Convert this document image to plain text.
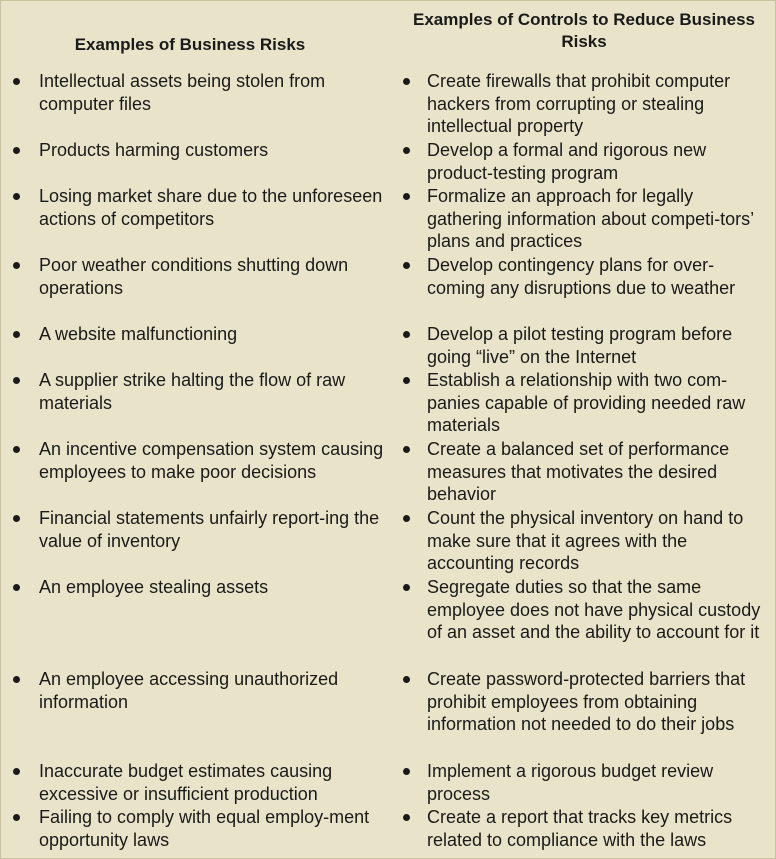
Examples of Business Risks
Examples of Controls to Reduce Business Risks
Intellectual assets being stolen from computer files
Products harming customers
Losing market share due to the unforeseen actions of competitors
Poor weather conditions shutting down operations
A website malfunctioning
A supplier strike halting the flow of raw materials
An incentive compensation system causing employees to make poor decisions
Financial statements unfairly report-ing the value of inventory
An employee stealing assets
An employee accessing unauthorized information
Inaccurate budget estimates causing excessive or insufficient production
Failing to comply with equal employ-ment opportunity laws
Create firewalls that prohibit computer hackers from corrupting or stealing intellectual property
Develop a formal and rigorous new product-testing program
Formalize an approach for legally gathering information about competi-tors’ plans and practices
Develop contingency plans for over-coming any disruptions due to weather
Develop a pilot testing program before going “live” on the Internet
Establish a relationship with two com-panies capable of providing needed raw materials
Create a balanced set of performance measures that motivates the desired behavior
Count the physical inventory on hand to make sure that it agrees with the accounting records
Segregate duties so that the same employee does not have physical custody of an asset and the ability to account for it
Create password-protected barriers that prohibit employees from obtaining information not needed to do their jobs
Implement a rigorous budget review process
Create a report that tracks key metrics related to compliance with the laws
